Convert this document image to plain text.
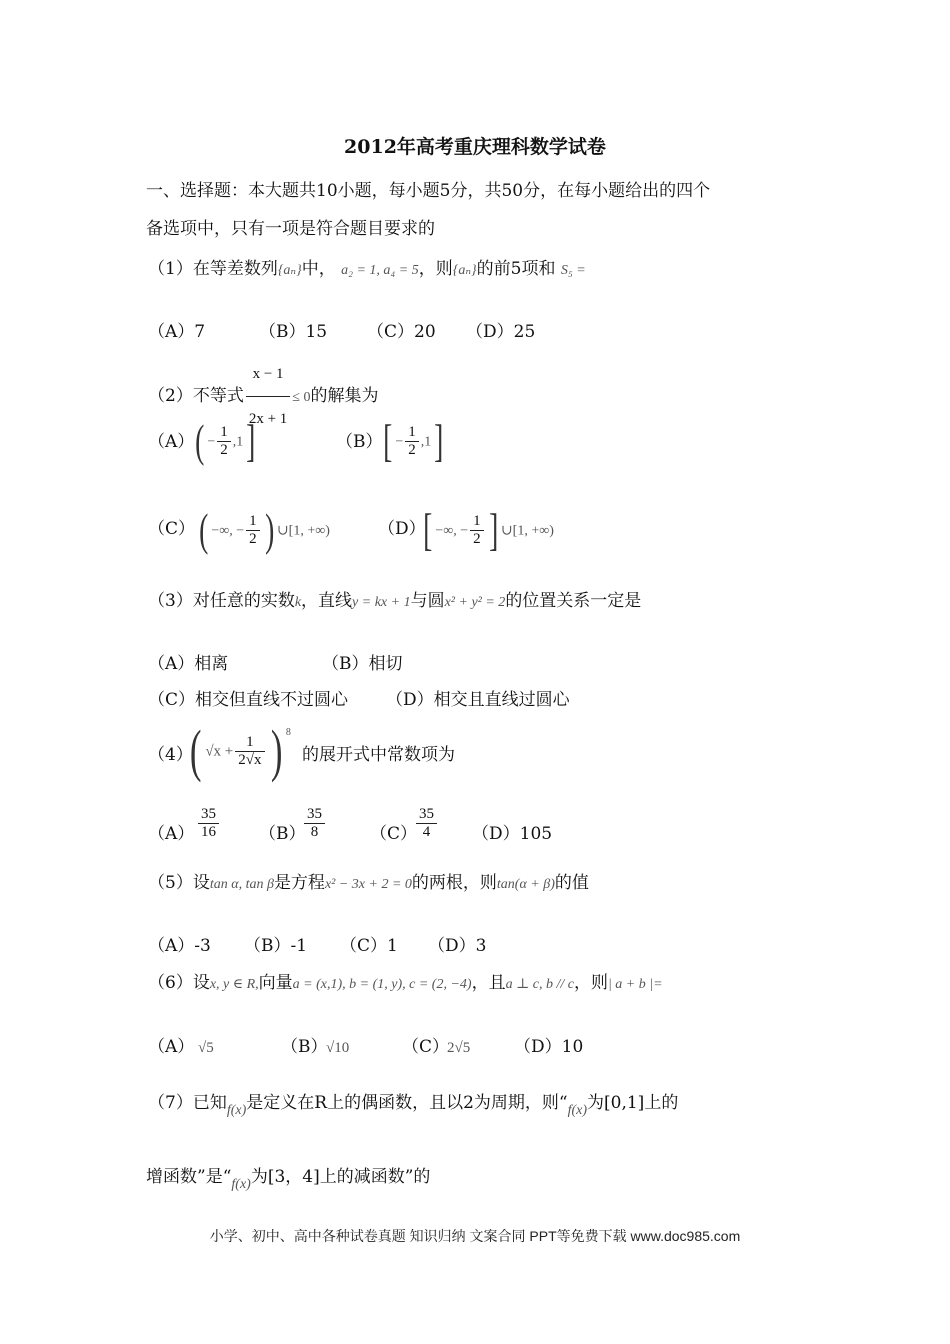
2012年高考重庆理科数学试卷
一、选择题：本大题共10小题，每小题5分，共50分，在每小题给出的四个
备选项中，只有一项是符合题目要求的
（1）在等差数列{aₙ}中， a₂ = 1, a₄ = 5，则{aₙ}的前5项和 S₅ =
（A）7	（B）15 （C）20 （D）25
（2）不等式 $\frac{x - 1}{2x + 1} \le 0$的解集为
（A） ( − $\frac{1}{2} ,1$]	（B） [ − $\frac{1}{2} ,1$]
（C） ( −∞, − $\frac{1}{2}$ ) ∪[1, +∞)	（D）
[ −∞, − $\frac{1}{2}$ ] ∪[1, +∞)
（3）对任意的实数k，直线y = kx + 1与圆x² + y² = 2的位置关系一定是
（A）相离	（B）相切
（C）相交但直线不过圆心 （D）相交且直线过圆心
（4）
( $√x + \frac{1}{2√x}$ ) $^8$
的展开式中常数项为
$(A) \frac{35}{16} (B)$
$\frac{35}{8}$	（C）
$\frac{35}{4} (D)105$
（5）设tan α, tan β是方程x² − 3x + 2 = 0的两根，则tan(α + β)的值
（A）-3 （B）-1 （C）1 （D）3
（6）设x, y ∈ R,向量a = (x,1), b = (1, y), c = (2, −4)，且a ⊥ c, b // c，则| a + b |=
（A） √5	（B）
√10	（C）
2√5	（D）10
（7）已知$_{f(x)}$是定义在R上的偶函数，且以2为周期，则“$_{f(x)}$为[0,1]上的
增函数”是“$_{f(x)}$为[3，4]上的减函数”的
小学、初中、高中各种试卷真题 知识归纳 文案合同 PPT等免费下载 www.doc985.com
